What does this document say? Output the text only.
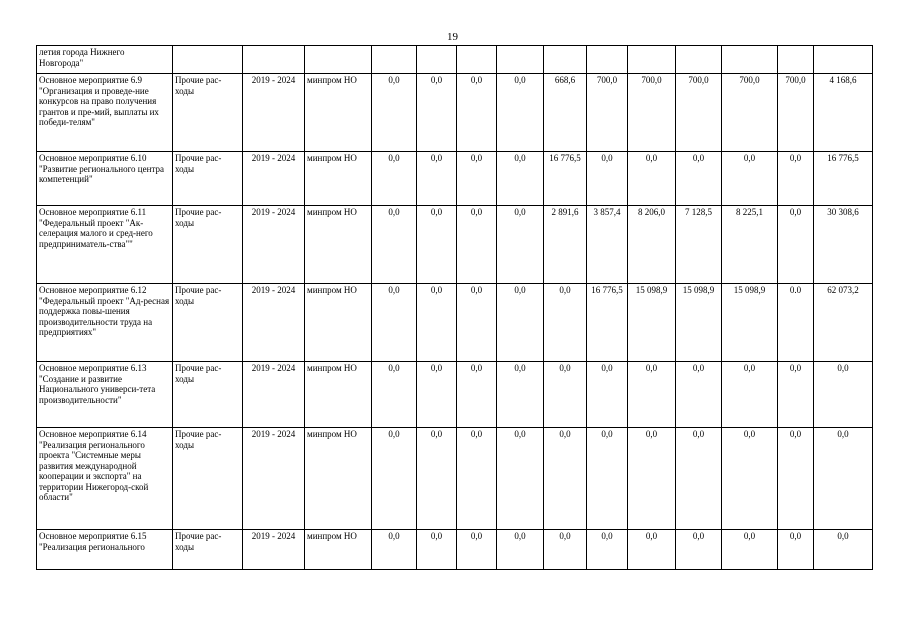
19
летия города Нижнего Новгорода"														
Основное мероприятие 6.9 "Организация и проведе-ние конкурсов на право получения грантов и пре-мий, выплаты их победи-телям"	Прочие рас-ходы	2019 - 2024	минпром НО	0,0	0,0	0,0	0,0	668,6	700,0	700,0	700,0	700,0	700,0	4 168,6
Основное мероприятие 6.10 "Развитие регионального центра компетенций"	Прочие рас-ходы	2019 - 2024	минпром НО	0,0	0,0	0,0	0,0	16 776,5	0,0	0,0	0,0	0,0	0,0	16 776,5
Основное мероприятие 6.11 "Федеральный проект "Ак-селерация малого и сред-него предприниматель-ства""	Прочие рас-ходы	2019 - 2024	минпром НО	0,0	0,0	0,0	0,0	2 891,6	3 857,4	8 206,0	7 128,5	8 225,1	0,0	30 308,6
Основное мероприятие 6.12 "Федеральный проект "Ад-ресная поддержка повы-шения производительности труда на предприятиях"	Прочие рас-ходы	2019 - 2024	минпром НО	0,0	0,0	0,0	0,0	0,0	16 776,5	15 098,9	15 098,9	15 098,9	0.0	62 073,2
Основное мероприятие 6.13 "Создание и развитие Национального универси-тета производительности"	Прочие рас-ходы	2019 - 2024	минпром НО	0,0	0,0	0,0	0,0	0,0	0,0	0,0	0,0	0,0	0,0	0,0
Основное мероприятие 6.14 "Реализация регионального проекта "Системные меры развития международной кооперации и экспорта" на территории Нижегород-ской области"	Прочие рас-ходы	2019 - 2024	минпром НО	0,0	0,0	0,0	0,0	0,0	0,0	0,0	0,0	0,0	0,0	0,0
Основное мероприятие 6.15 "Реализация регионального	Прочие рас-ходы	2019 - 2024	минпром НО	0,0	0,0	0,0	0,0	0,0	0,0	0,0	0,0	0,0	0,0	0,0
